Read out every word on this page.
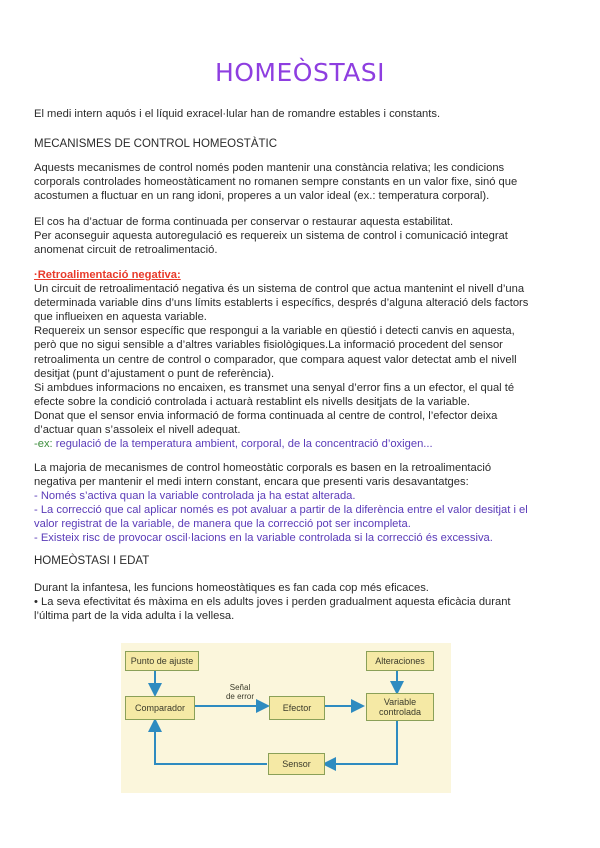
HOMEÒSTASI

El medi intern aquós i el líquid exracel·lular han de romandre estables i constants.

MECANISMES DE CONTROL HOMEOSTÀTIC

Aquests mecanismes de control només poden mantenir una constància relativa; les condicions
corporals controlades homeostàticament no romanen sempre constants en un valor fixe, sinó que
acostumen a fluctuar en un rang idoni, properes a un valor ideal (ex.: temperatura corporal).

El cos ha d’actuar de forma continuada per conservar o restaurar aquesta estabilitat.
Per aconseguir aquesta autoregulació es requereix un sistema de control i comunicació integrat
anomenat circuit de retroalimentació.

·Retroalimentació negativa:
Un circuit de retroalimentació negativa és un sistema de control que actua mantenint el nivell d’una
determinada variable dins d’uns límits establerts i específics, després d’alguna alteració dels factors
que influeixen en aquesta variable.
Requereix un sensor específic que respongui a la variable en qüestió i detecti canvis en aquesta,
però que no sigui sensible a d’altres variables fisiològiques.La informació procedent del sensor
retroalimenta un centre de control o comparador, que compara aquest valor detectat amb el nivell
desitjat (punt d’ajustament o punt de referència).
Si ambdues informacions no encaixen, es transmet una senyal d’error fins a un efector, el qual té
efecte sobre la condició controlada i actuarà restablint els nivells desitjats de la variable.
Donat que el sensor envia informació de forma continuada al centre de control, l’efector deixa
d’actuar quan s’assoleix el nivell adequat.
-ex: regulació de la temperatura ambient, corporal, de la concentració d’oxigen...

La majoria de mecanismes de control homeostàtic corporals es basen en la retroalimentació
negativa per mantenir el medi intern constant, encara que presenti varis desavantatges:
- Només s’activa quan la variable controlada ja ha estat alterada.
- La correcció que cal aplicar només es pot avaluar a partir de la diferència entre el valor desitjat i el
valor registrat de la variable, de manera que la correcció pot ser incompleta.
- Existeix risc de provocar oscil·lacions en la variable controlada si la correcció és excessiva.

HOMEÒSTASI I EDAT

Durant la infantesa, les funcions homeostàtiques es fan cada cop més eficaces.
• La seva efectivitat és màxima en els adults joves i perden gradualment aquesta eficàcia durant
l’última part de la vida adulta i la vellesa.

Punto de ajuste
Comparador
Señal
de error
Efector
Alteraciones
Variable
controlada
Sensor
